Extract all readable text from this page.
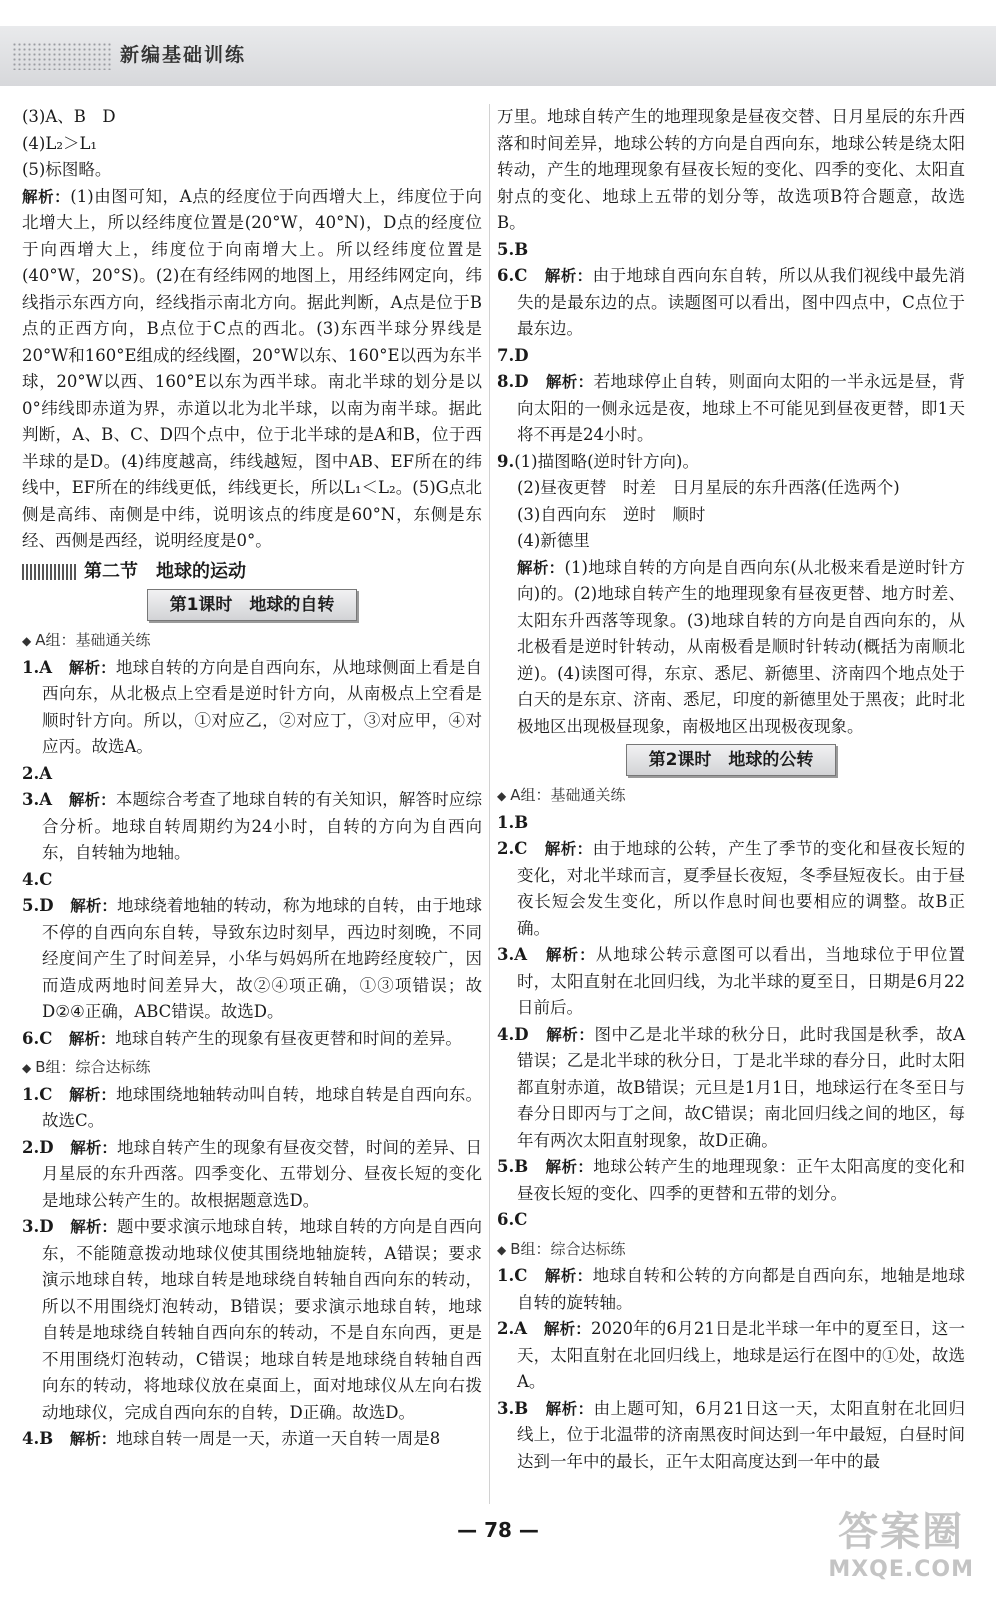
新编基础训练

(3)A、B　D

(4)L₂＞L₁

(5)标图略。

解析：(1)由图可知，A点的经度位于向西增大上，纬度位于向北增大上，所以经纬度位置是(20°W，40°N)，D点的经度位于向西增大上，纬度位于向南增大上。所以经纬度位置是(40°W，20°S)。(2)在有经纬网的地图上，用经纬网定向，纬线指示东西方向，经线指示南北方向。据此判断，A点是位于B点的正西方向，B点位于C点的西北。(3)东西半球分界线是20°W和160°E组成的经线圈，20°W以东、160°E以西为东半球，20°W以西、160°E以东为西半球。南北半球的划分是以0°纬线即赤道为界，赤道以北为北半球，以南为南半球。据此判断，A、B、C、D四个点中，位于北半球的是A和B，位于西半球的是D。(4)纬度越高，纬线越短，图中AB、EF所在的纬线中，EF所在的纬线更低，纬线更长，所以L₁＜L₂。(5)G点北侧是高纬、南侧是中纬，说明该点的纬度是60°N，东侧是东经、西侧是西经，说明经度是0°。

第二节　地球的运动
第1课时　地球的自转
◆ A组：基础通关练

1.A　 解析：地球自转的方向是自西向东，从地球侧面上看是自西向东，从北极点上空看是逆时针方向，从南极点上空看是顺时针方向。所以，①对应乙，②对应丁，③对应甲，④对应丙。故选A。

2.A

3.A　 解析：本题综合考查了地球自转的有关知识，解答时应综合分析。地球自转周期约为24小时，自转的方向为自西向东，自转轴为地轴。

4.C

5.D　 解析：地球绕着地轴的转动，称为地球的自转，由于地球不停的自西向东自转，导致东边时刻早，西边时刻晚，不同经度间产生了时间差异，小华与妈妈所在地跨经度较广，因而造成两地时间差异大，故②④项正确，①③项错误；故D②④正确，ABC错误。故选D。

6.C　 解析：地球自转产生的现象有昼夜更替和时间的差异。

◆ B组：综合达标练

1.C　 解析：地球围绕地轴转动叫自转，地球自转是自西向东。故选C。

2.D　 解析：地球自转产生的现象有昼夜交替，时间的差异、日月星辰的东升西落。四季变化、五带划分、昼夜长短的变化是地球公转产生的。故根据题意选D。

3.D　 解析：题中要求演示地球自转，地球自转的方向是自西向东，不能随意拨动地球仪使其围绕地轴旋转，A错误；要求演示地球自转，地球自转是地球绕自转轴自西向东的转动，所以不用围绕灯泡转动，B错误；要求演示地球自转，地球自转是地球绕自转轴自西向东的转动，不是自东向西，更是不用围绕灯泡转动，C错误；地球自转是地球绕自转轴自西向东的转动，将地球仪放在桌面上，面对地球仪从左向右拨动地球仪，完成自西向东的自转，D正确。故选D。

4.B　 解析：地球自转一周是一天，赤道一天自转一周是8

万里。地球自转产生的地理现象是昼夜交替、日月星辰的东升西落和时间差异，地球公转的方向是自西向东，地球公转是绕太阳转动，产生的地理现象有昼夜长短的变化、四季的变化、太阳直射点的变化、地球上五带的划分等，故选项B符合题意，故选B。

5.B

6.C　 解析：由于地球自西向东自转，所以从我们视线中最先消失的是最东边的点。读题图可以看出，图中四点中，C点位于最东边。

7.D

8.D　 解析：若地球停止自转，则面向太阳的一半永远是昼，背向太阳的一侧永远是夜，地球上不可能见到昼夜更替，即1天将不再是24小时。

9.(1)描图略(逆时针方向)。

(2)昼夜更替　时差　日月星辰的东升西落(任选两个)

(3)自西向东　逆时　顺时

(4)新德里

解析：(1)地球自转的方向是自西向东(从北极来看是逆时针方向)的。(2)地球自转产生的地理现象有昼夜更替、地方时差、太阳东升西落等现象。(3)地球自转的方向是自西向东的，从北极看是逆时针转动，从南极看是顺时针转动(概括为南顺北逆)。(4)读图可得，东京、悉尼、新德里、济南四个地点处于白天的是东京、济南、悉尼，印度的新德里处于黑夜；此时北极地区出现极昼现象，南极地区出现极夜现象。

第2课时　地球的公转
◆ A组：基础通关练

1.B

2.C　 解析：由于地球的公转，产生了季节的变化和昼夜长短的变化，对北半球而言，夏季昼长夜短，冬季昼短夜长。由于昼夜长短会发生变化，所以作息时间也要相应的调整。故B正确。

3.A　 解析：从地球公转示意图可以看出，当地球位于甲位置时，太阳直射在北回归线，为北半球的夏至日，日期是6月22日前后。

4.D　 解析：图中乙是北半球的秋分日，此时我国是秋季，故A错误；乙是北半球的秋分日，丁是北半球的春分日，此时太阳都直射赤道，故B错误；元旦是1月1日，地球运行在冬至日与春分日即丙与丁之间，故C错误；南北回归线之间的地区，每年有两次太阳直射现象，故D正确。

5.B　 解析：地球公转产生的地理现象：正午太阳高度的变化和昼夜长短的变化、四季的更替和五带的划分。

6.C

◆ B组：综合达标练

1.C　 解析：地球自转和公转的方向都是自西向东，地轴是地球自转的旋转轴。

2.A　 解析：2020年的6月21日是北半球一年中的夏至日，这一天，太阳直射在北回归线上，地球是运行在图中的①处，故选A。

3.B　 解析：由上题可知，6月21日这一天，太阳直射在北回归线上，位于北温带的济南黑夜时间达到一年中最短，白昼时间达到一年中的最长，正午太阳高度达到一年中的最

— 78 —	答案圈
MXQE.COM
